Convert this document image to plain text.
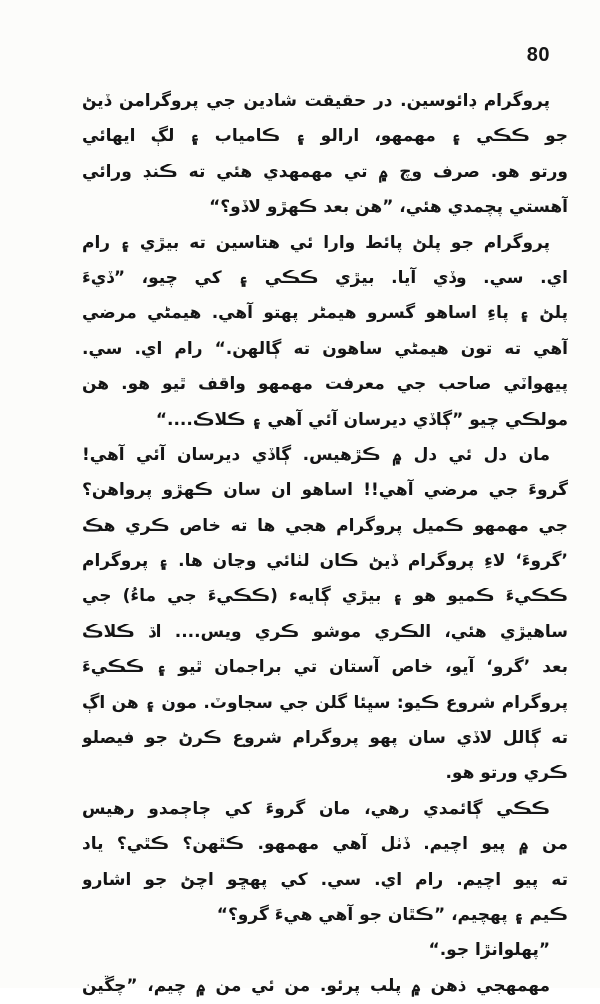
80
پروگرام ڊائوسين. در حقيقت شادين جي پروگرامن ڏيڻ
جو ڪڪي ۽ مهمهو، ارالو ۽ ڪامياب ۽ لڳ ايهائي
ورتو هو. صرف وچ ۾ تي مهمهدي هئي ته ڪنڊ ورائي
آهستي پچمدي هئي، ”هن بعد ڪهڙو لاڏو؟“
پروگرام جو پلڻ پائط وارا ئي هتاسين ته بيڙي ۽ رام
اي. سي. وڏي آيا. بيڙي ڪڪي ۽ کي چيو، ”ڏيءَ
پلڻ ۽ پاءِ اساهو گسرو هيمڻر پهتو آهي. هيمڻي مرضي
آهي ته تون هيمڻي ساهون ته ڳالهن.“ رام اي. سي.
پيهواٽي صاحب جي معرفت مهمهو واقف ٿيو هو. هن
مولڪي چيو ”ڳاڏي ديرسان آئي آهي ۽ ڪلاڪ....“
مان دل ئي دل ۾ ڪڙهيس. ڳاڏي ديرسان آئي آهي!
گروءَ جي مرضي آهي!! اساهو ان سان ڪهڙو پرواهن؟
جي مهمهو ڪميل پروگرام هجي ها ته خاص ڪري هڪ
’گروءَ‘ لاءِ پروگرام ڏيڻ ڪان لٺائي وڃان ها. ۽ پروگرام
ڪڪيءَ ڪميو هو ۽ بيڙي ڳايهء (ڪڪيءَ جي ماءُ) جي
ساهيڙي هئي، الڪري موشو ڪري ويس.... اڌ ڪلاڪ
بعد ’گرو‘ آيو، خاص آستان تي براجمان ٿيو ۽ ڪڪيءَ
پروگرام شروع ڪيو: سڀئا گلن جي سجاوٽ. مون ۽ هن اڳ
ته ڳالل لاڏي سان پهو پروگرام شروع ڪرڻ جو فيصلو
ڪري ورتو هو.
ڪڪي ڳائمدي رهي، مان گروءَ کي ڄاڄمدو رهيس
من ۾ پيو اچيم. ڏٺل آهي مهمهو. ڪٿهن؟ ڪٿي؟ ياد
ته پيو اچيم. رام اي. سي. کي پهڇو اچڻ جو اشارو
ڪيم ۽ پهچيم، ”ڪٿان جو آهي هيءَ گرو؟“
”پهلوانڙا جو.“
مهمهجي ذهن ۾ پلب پرئو. من ئي من ۾ چيم، ”چڱين
